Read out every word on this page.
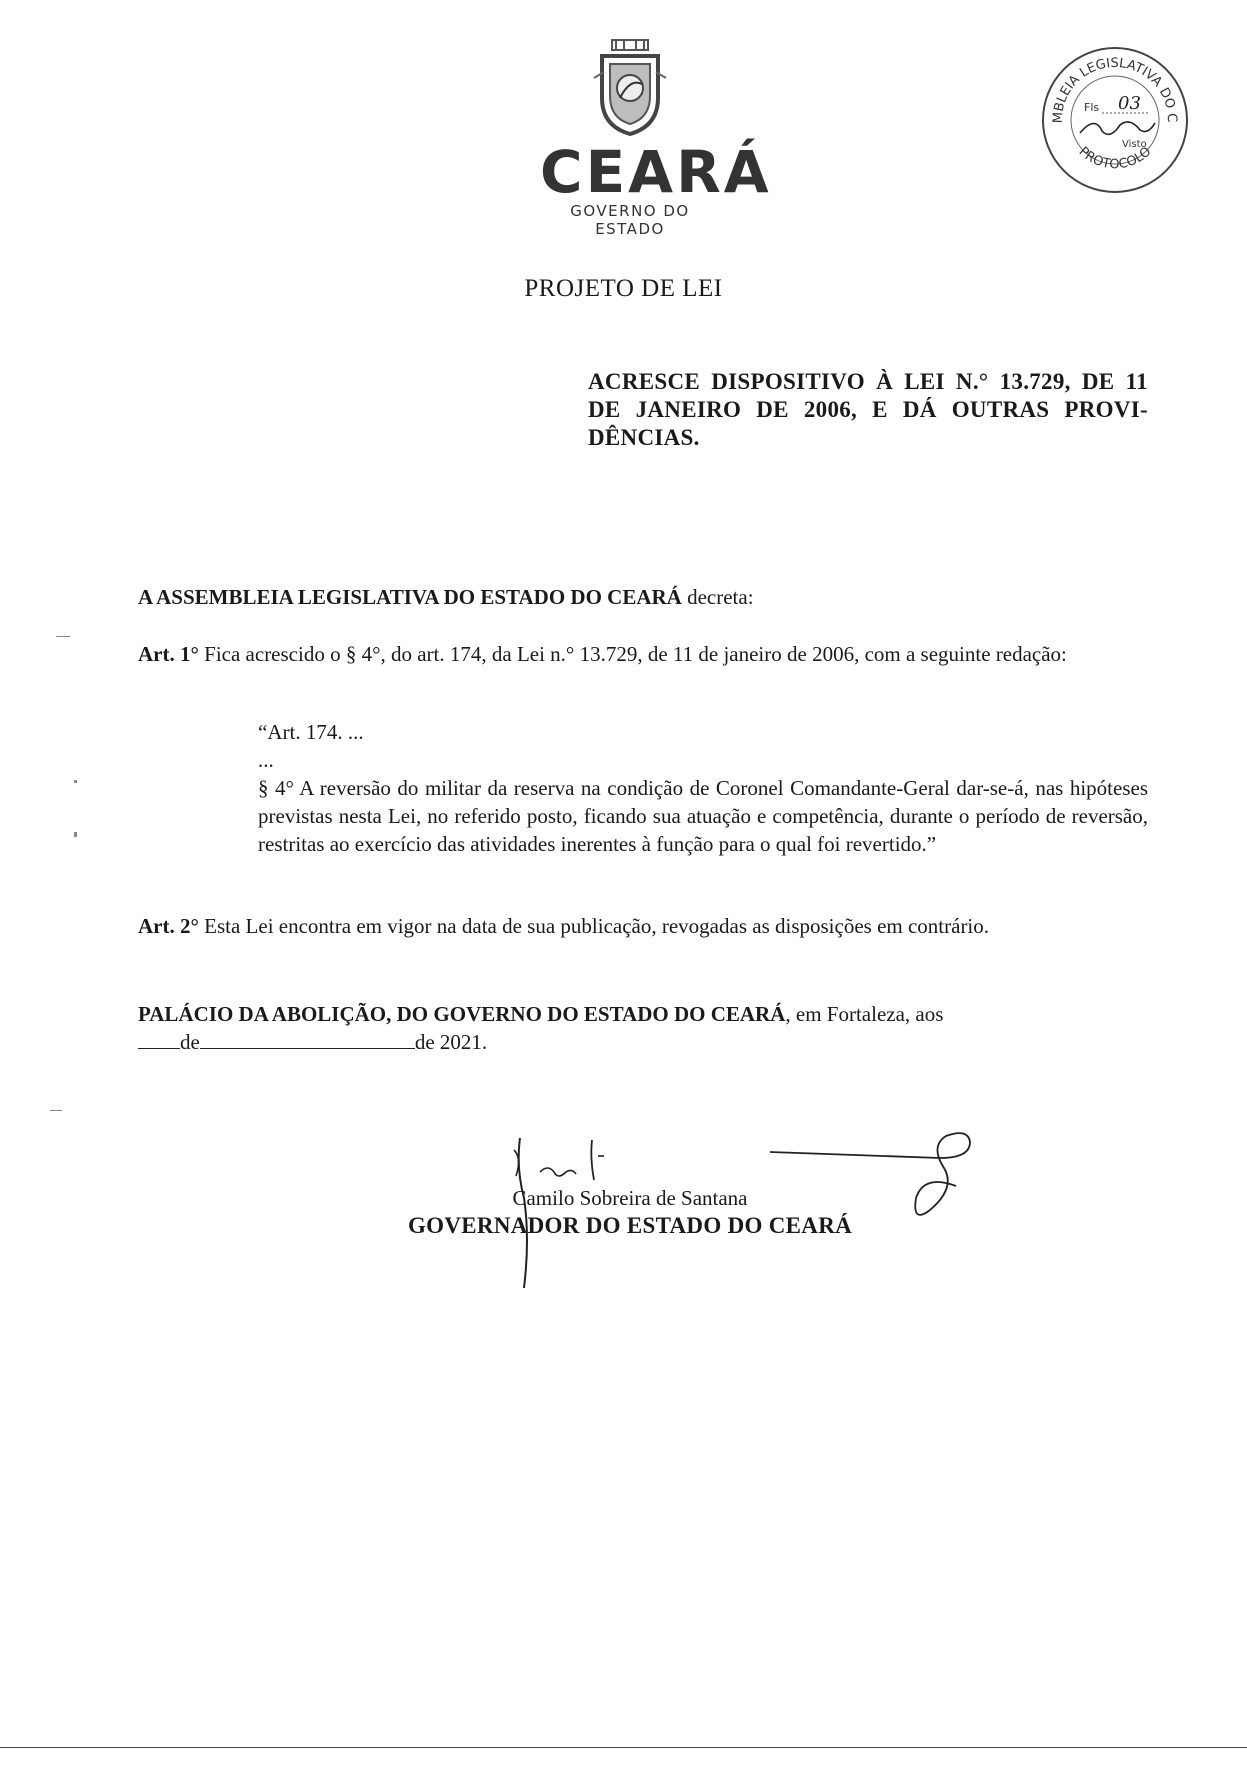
CEARÁ
GOVERNO DO ESTADO
MBLEIA LEGISLATIVA DO C
PROTOCOLO
Fls 03
Visto
PROJETO DE LEI
ACRESCE DISPOSITIVO À LEI N.° 13.729, DE 11 DE JANEIRO DE 2006, E DÁ OUTRAS PROVI-DÊNCIAS.
A ASSEMBLEIA LEGISLATIVA DO ESTADO DO CEARÁ decreta:
Art. 1° Fica acrescido o § 4°, do art. 174, da Lei n.° 13.729, de 11 de janeiro de 2006, com a seguinte redação:
“Art. 174. ...
...
§ 4° A reversão do militar da reserva na condição de Coronel Comandante-Geral dar-se-á, nas hipóteses previstas nesta Lei, no referido posto, ficando sua atuação e competência, durante o período de reversão, restritas ao exercício das atividades inerentes à função para o qual foi revertido.”
Art. 2° Esta Lei encontra em vigor na data de sua publicação, revogadas as disposições em contrário.
PALÁCIO DA ABOLIÇÃO, DO GOVERNO DO ESTADO DO CEARÁ, em Fortaleza, aos
de	de 2021.
Camilo Sobreira de Santana
GOVERNADOR DO ESTADO DO CEARÁ
